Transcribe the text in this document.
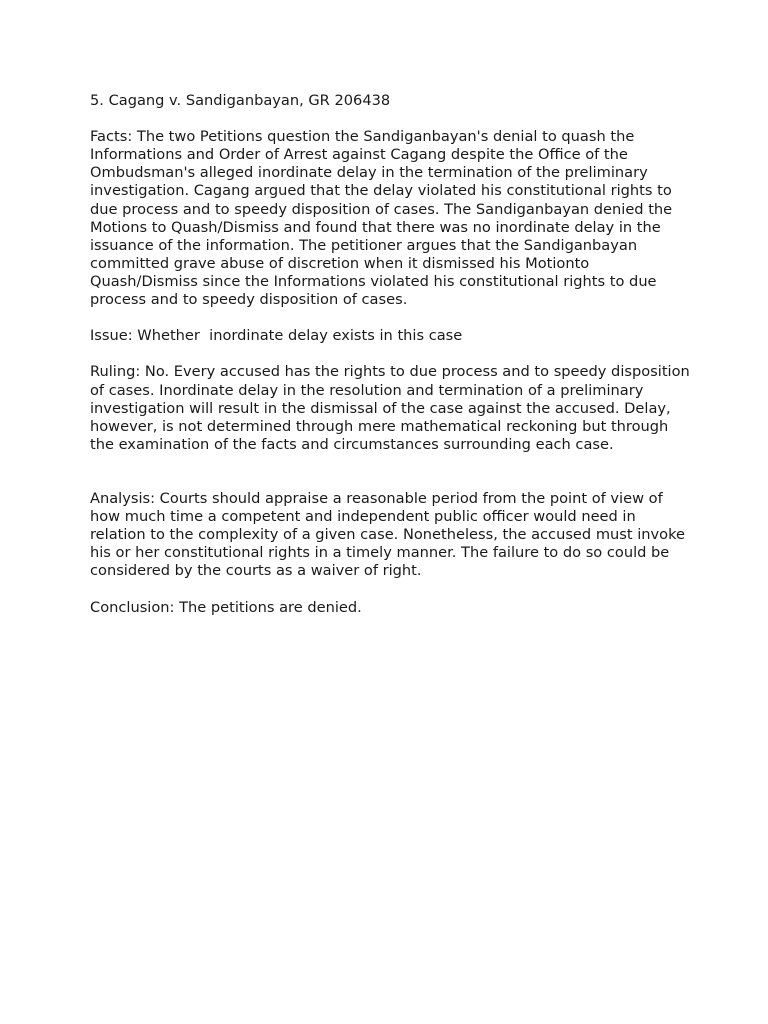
5. Cagang v. Sandiganbayan, GR 206438

Facts: The two Petitions question the Sandiganbayan's denial to quash the Informations and Order of Arrest against Cagang despite the Office of the Ombudsman's alleged inordinate delay in the termination of the preliminary investigation. Cagang argued that the delay violated his constitutional rights to due process and to speedy disposition of cases. The Sandiganbayan denied the Motions to Quash/Dismiss and found that there was no inordinate delay in the issuance of the information. The petitioner argues that the Sandiganbayan committed grave abuse of discretion when it dismissed his Motionto Quash/Dismiss since the Informations violated his constitutional rights to due process and to speedy disposition of cases.

Issue: Whether  inordinate delay exists in this case

Ruling: No. Every accused has the rights to due process and to speedy disposition of cases. Inordinate delay in the resolution and termination of a preliminary investigation will result in the dismissal of the case against the accused. Delay, however, is not determined through mere mathematical reckoning but through the examination of the facts and circumstances surrounding each case.

Analysis: Courts should appraise a reasonable period from the point of view of how much time a competent and independent public officer would need in relation to the complexity of a given case. Nonetheless, the accused must invoke his or her constitutional rights in a timely manner. The failure to do so could be considered by the courts as a waiver of right.

Conclusion: The petitions are denied.
